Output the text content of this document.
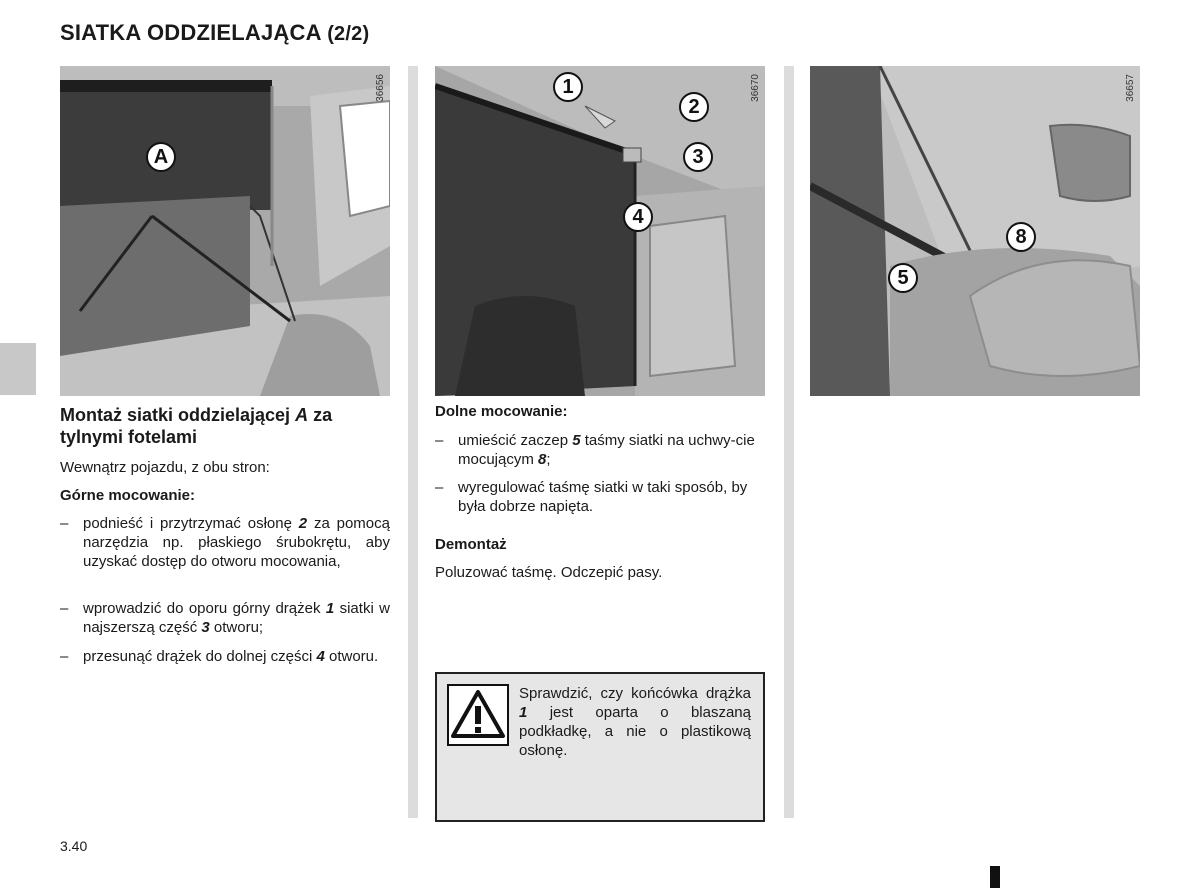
SIATKA ODDZIELAJĄCA (2/2)
36656
A
36670
1
2
3
4
36657
8
5
Montaż siatki oddzielającej A za tylnymi fotelami
Wewnątrz pojazdu, z obu stron:
Górne mocowanie:
– podnieść i przytrzymać osłonę 2 za pomocą narzędzia np. płaskiego śrubokrętu, aby uzyskać dostęp do otworu mocowania,
– wprowadzić do oporu górny drążek 1 siatki w najszerszą część 3 otworu;
– przesunąć drążek do dolnej części 4 otworu.
Dolne mocowanie:
– umieścić zaczep 5 taśmy siatki na uchwy-cie mocującym 8;
– wyregulować taśmę siatki w taki sposób, by była dobrze napięta.
Demontaż
Poluzować taśmę. Odczepić pasy.
Sprawdzić, czy końcówka drążka 1 jest oparta o blaszaną podkładkę, a nie o plastikową osłonę.
3.40
